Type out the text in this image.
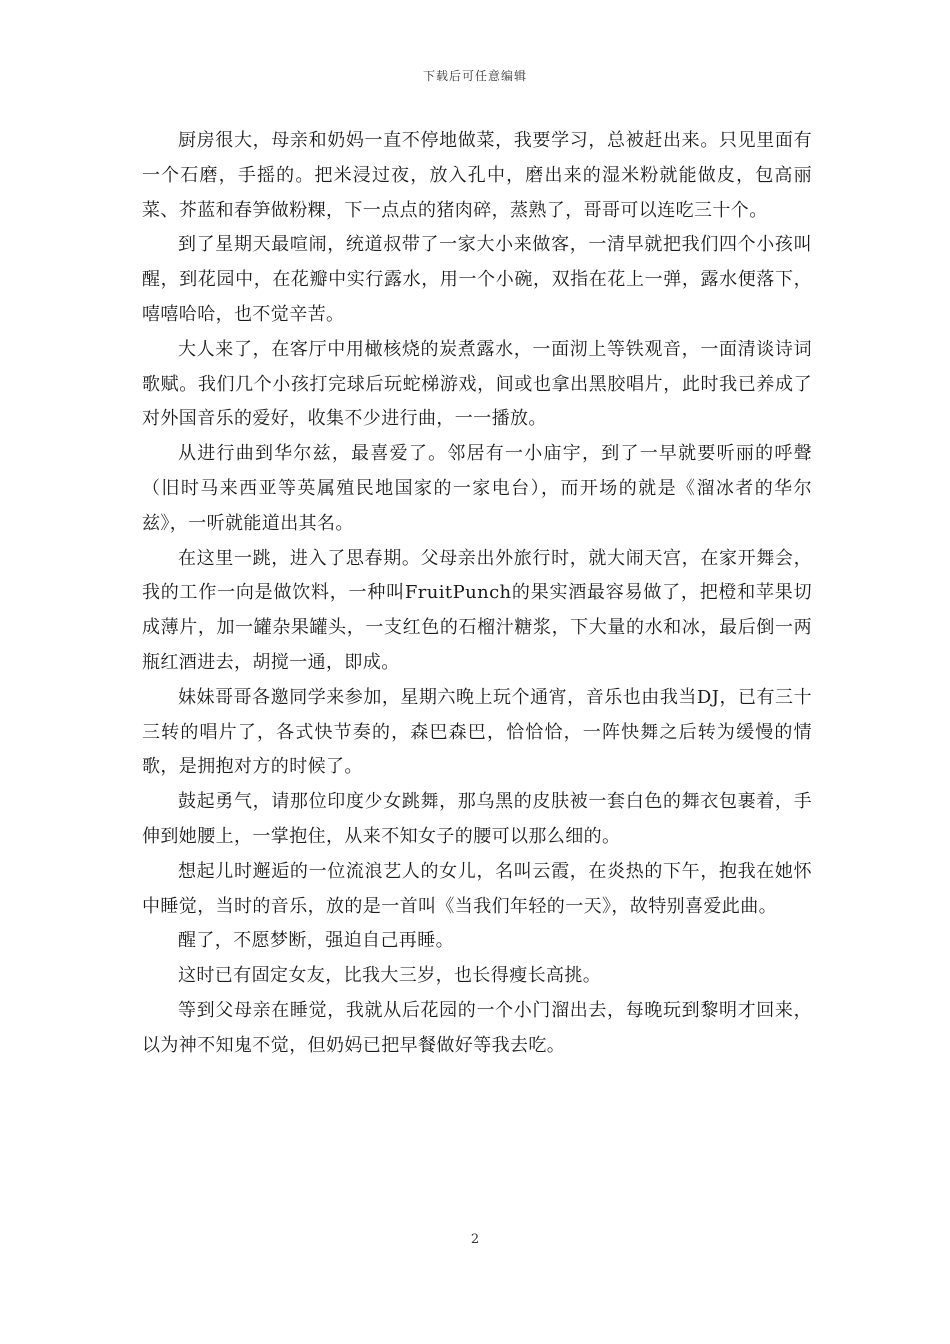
下载后可任意编辑

厨房很大，母亲和奶妈一直不停地做菜，我要学习，总被赶出来。只见里面有一个石磨，手摇的。把米浸过夜，放入孔中，磨出来的湿米粉就能做皮，包高丽菜、芥蓝和春笋做粉粿，下一点点的猪肉碎，蒸熟了，哥哥可以连吃三十个。

到了星期天最喧闹，统道叔带了一家大小来做客，一清早就把我们四个小孩叫醒，到花园中，在花瓣中实行露水，用一个小碗，双指在花上一弹，露水便落下，嘻嘻哈哈，也不觉辛苦。

大人来了，在客厅中用橄核烧的炭煮露水，一面沏上等铁观音，一面清谈诗词歌赋。我们几个小孩打完球后玩蛇梯游戏，间或也拿出黑胶唱片，此时我已养成了对外国音乐的爱好，收集不少进行曲，一一播放。

从进行曲到华尔兹，最喜爱了。邻居有一小庙宇，到了一早就要听丽的呼聲（旧时马来西亚等英属殖民地国家的一家电台），而开场的就是《溜冰者的华尔兹》，一听就能道出其名。

在这里一跳，进入了思春期。父母亲出外旅行时，就大闹天宫，在家开舞会，我的工作一向是做饮料，一种叫FruitPunch的果实酒最容易做了，把橙和苹果切成薄片，加一罐杂果罐头，一支红色的石榴汁糖浆，下大量的水和冰，最后倒一两瓶红酒进去，胡搅一通，即成。

妹妹哥哥各邀同学来参加，星期六晚上玩个通宵，音乐也由我当DJ，已有三十三转的唱片了，各式快节奏的，森巴森巴，恰恰恰，一阵快舞之后转为缓慢的情歌，是拥抱对方的时候了。

鼓起勇气，请那位印度少女跳舞，那乌黑的皮肤被一套白色的舞衣包裹着，手伸到她腰上，一掌抱住，从来不知女子的腰可以那么细的。

想起儿时邂逅的一位流浪艺人的女儿，名叫云霞，在炎热的下午，抱我在她怀中睡觉，当时的音乐，放的是一首叫《当我们年轻的一天》，故特别喜爱此曲。

醒了，不愿梦断，强迫自己再睡。

这时已有固定女友，比我大三岁，也长得瘦长高挑。

等到父母亲在睡觉，我就从后花园的一个小门溜出去，每晚玩到黎明才回来，以为神不知鬼不觉，但奶妈已把早餐做好等我去吃。

2
